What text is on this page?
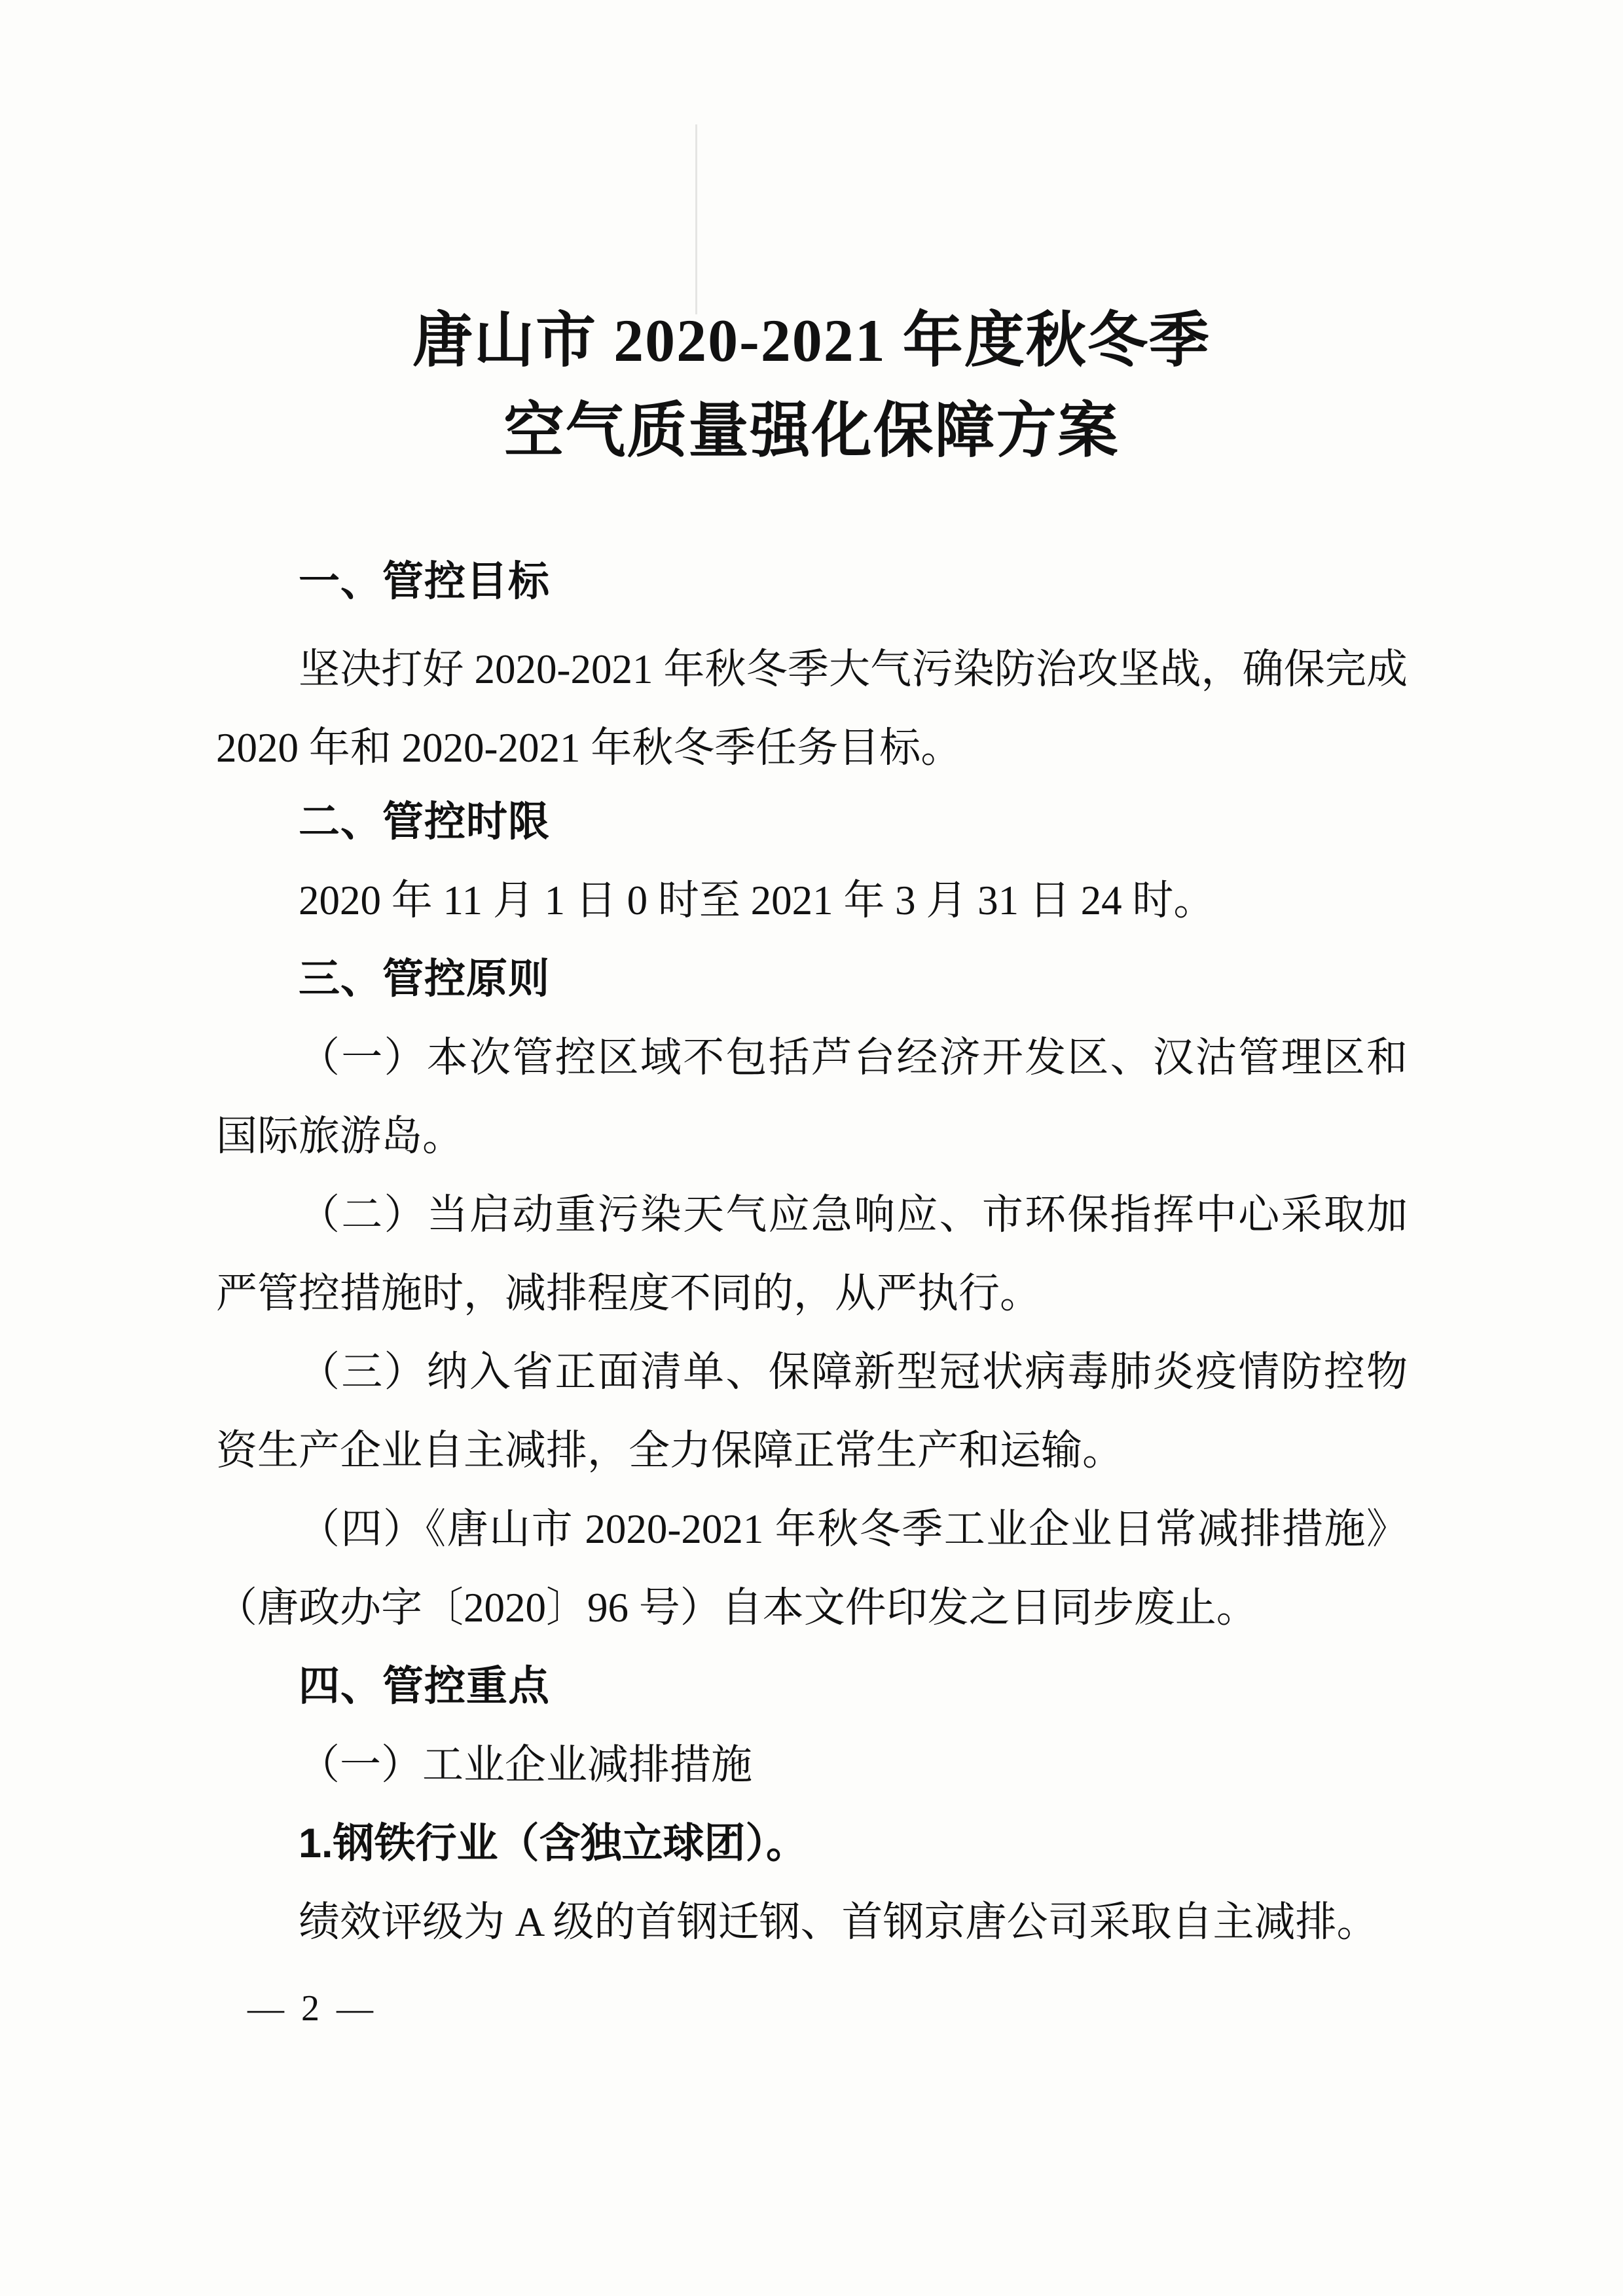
唐山市 2020-2021 年度秋冬季
空气质量强化保障方案
一、管控目标
坚决打好 2020-2021 年秋冬季大气污染防治攻坚战，确保完成 2020 年和 2020-2021 年秋冬季任务目标。
二、管控时限
2020 年 11 月 1 日 0 时至 2021 年 3 月 31 日 24 时。
三、管控原则
（一）本次管控区域不包括芦台经济开发区、汉沽管理区和国际旅游岛。
（二）当启动重污染天气应急响应、市环保指挥中心采取加严管控措施时，减排程度不同的，从严执行。
（三）纳入省正面清单、保障新型冠状病毒肺炎疫情防控物资生产企业自主减排，全力保障正常生产和运输。
（四）《唐山市 2020-2021 年秋冬季工业企业日常减排措施》（唐政办字〔2020〕96 号）自本文件印发之日同步废止。
四、管控重点
（一）工业企业减排措施
1.钢铁行业（含独立球团）。
绩效评级为 A 级的首钢迁钢、首钢京唐公司采取自主减排。
— 2 —
